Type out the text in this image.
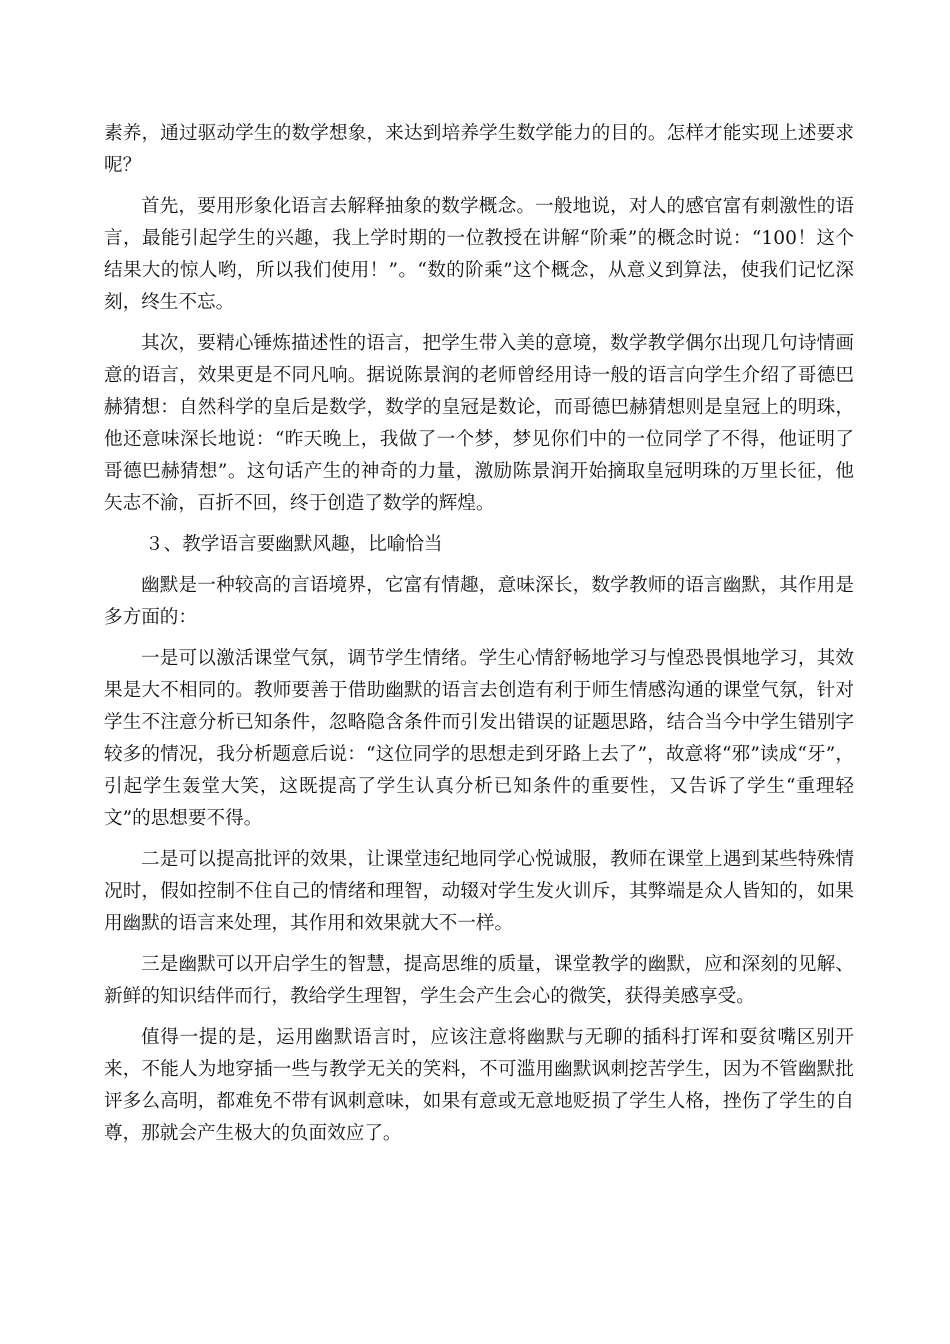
素养，通过驱动学生的数学想象，来达到培养学生数学能力的目的。怎样才能实现上述要求呢？

首先，要用形象化语言去解释抽象的数学概念。一般地说，对人的感官富有刺激性的语言，最能引起学生的兴趣，我上学时期的一位教授在讲解“阶乘”的概念时说：“100！这个结果大的惊人哟，所以我们使用！”。“数的阶乘”这个概念，从意义到算法，使我们记忆深刻，终生不忘。

其次，要精心锤炼描述性的语言，把学生带入美的意境，数学教学偶尔出现几句诗情画意的语言，效果更是不同凡响。据说陈景润的老师曾经用诗一般的语言向学生介绍了哥德巴赫猜想：自然科学的皇后是数学，数学的皇冠是数论，而哥德巴赫猜想则是皇冠上的明珠，他还意味深长地说：“昨天晚上，我做了一个梦，梦见你们中的一位同学了不得，他证明了哥德巴赫猜想”。这句话产生的神奇的力量，激励陈景润开始摘取皇冠明珠的万里长征，他矢志不渝，百折不回，终于创造了数学的辉煌。

３、教学语言要幽默风趣，比喻恰当

幽默是一种较高的言语境界，它富有情趣，意味深长，数学教师的语言幽默，其作用是多方面的：

一是可以激活课堂气氛，调节学生情绪。学生心情舒畅地学习与惶恐畏惧地学习，其效果是大不相同的。教师要善于借助幽默的语言去创造有利于师生情感沟通的课堂气氛，针对学生不注意分析已知条件，忽略隐含条件而引发出错误的证题思路，结合当今中学生错别字较多的情况，我分析题意后说：“这位同学的思想走到牙路上去了”，故意将“邪”读成“牙”，引起学生轰堂大笑，这既提高了学生认真分析已知条件的重要性，又告诉了学生“重理轻文”的思想要不得。

二是可以提高批评的效果，让课堂违纪地同学心悦诚服，教师在课堂上遇到某些特殊情况时，假如控制不住自己的情绪和理智，动辍对学生发火训斥，其弊端是众人皆知的，如果用幽默的语言来处理，其作用和效果就大不一样。

三是幽默可以开启学生的智慧，提高思维的质量，课堂教学的幽默，应和深刻的见解、新鲜的知识结伴而行，教给学生理智，学生会产生会心的微笑，获得美感享受。

值得一提的是，运用幽默语言时，应该注意将幽默与无聊的插科打诨和耍贫嘴区别开来，不能人为地穿插一些与教学无关的笑料，不可滥用幽默讽刺挖苦学生，因为不管幽默批评多么高明，都难免不带有讽刺意味，如果有意或无意地贬损了学生人格，挫伤了学生的自尊，那就会产生极大的负面效应了。
